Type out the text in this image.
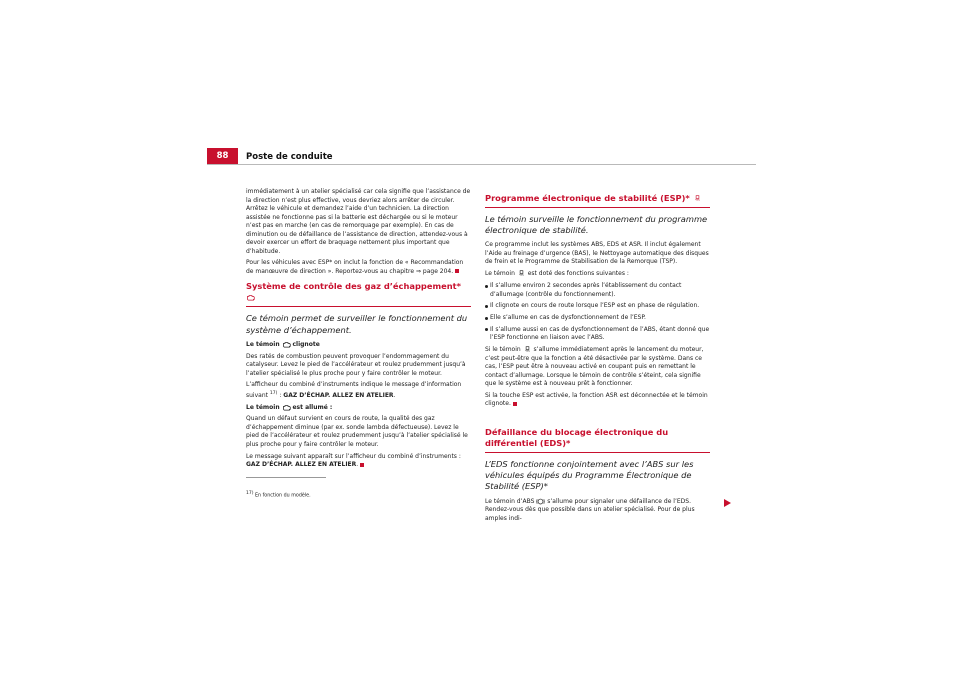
88	Poste de conduite

immédiatement à un atelier spécialisé car cela signifie que l’assistance de la direction n’est plus effective, vous devriez alors arrêter de circuler. Arrêtez le véhicule et demandez l’aide d’un technicien. La direction assistée ne fonctionne pas si la batterie est déchargée ou si le moteur n’est pas en marche (en cas de remorquage par exemple). En cas de diminution ou de défaillance de l’assistance de direction, attendez-vous à devoir exercer un effort de braquage nettement plus important que d’habitude.

Pour les véhicules avec ESP* on inclut la fonction de « Recommandation de manœuvre de direction ». Reportez-vous au chapitre ⇒ page 204.

Système de contrôle des gaz d’échappement*
Ce témoin permet de surveiller le fonctionnement du système d’échappement.

Le témoin clignote

Des ratés de combustion peuvent provoquer l’endommagement du catalyseur. Levez le pied de l’accélérateur et roulez prudemment jusqu’à l’atelier spécialisé le plus proche pour y faire contrôler le moteur.

L’afficheur du combiné d’instruments indique le message d’information suivant $^{17)}$ : GAZ D’ÉCHAP. ALLEZ EN ATELIER.

Le témoin est allumé :

Quand un défaut survient en cours de route, la qualité des gaz d’échappement diminue (par ex. sonde lambda défectueuse). Levez le pied de l’accélérateur et roulez prudemment jusqu’à l’atelier spécialisé le plus proche pour y faire contrôler le moteur.

Le message suivant apparaît sur l’afficheur du combiné d’instruments : GAZ D’ÉCHAP. ALLEZ EN ATELIER.

17) En fonction du modèle.
Programme électronique de stabilité (ESP)*
Le témoin surveille le fonctionnement du programme électronique de stabilité.

Ce programme inclut les systèmes ABS, EDS et ASR. Il inclut également l’Aide au freinage d’urgence (BAS), le Nettoyage automatique des disques de frein et le Programme de Stabilisation de la Remorque (TSP).

Le témoin est doté des fonctions suivantes :

Il s’allume environ 2 secondes après l’établissement du contact d’allumage (contrôle du fonctionnement).

Il clignote en cours de route lorsque l’ESP est en phase de régulation.

Elle s’allume en cas de dysfonctionnement de l’ESP.

Il s’allume aussi en cas de dysfonctionnement de l’ABS, étant donné que l’ESP fonctionne en liaison avec l’ABS.

Si le témoin s’allume immédiatement après le lancement du moteur, c’est peut-être que la fonction a été désactivée par le système. Dans ce cas, l’ESP peut être à nouveau activé en coupant puis en remettant le contact d’allumage. Lorsque le témoin de contrôle s’éteint, cela signifie que le système est à nouveau prêt à fonctionner.

Si la touche ESP est activée, la fonction ASR est déconnectée et le témoin clignote.

Défaillance du blocage électronique du différentiel (EDS)*
L’EDS fonctionne conjointement avec l’ABS sur les véhicules équipés du Programme Électronique de Stabilité (ESP)*

Le témoin d’ABS s’allume pour signaler une défaillance de l’EDS. Rendez-vous dès que possible dans un atelier spécialisé. Pour de plus amples indi-
